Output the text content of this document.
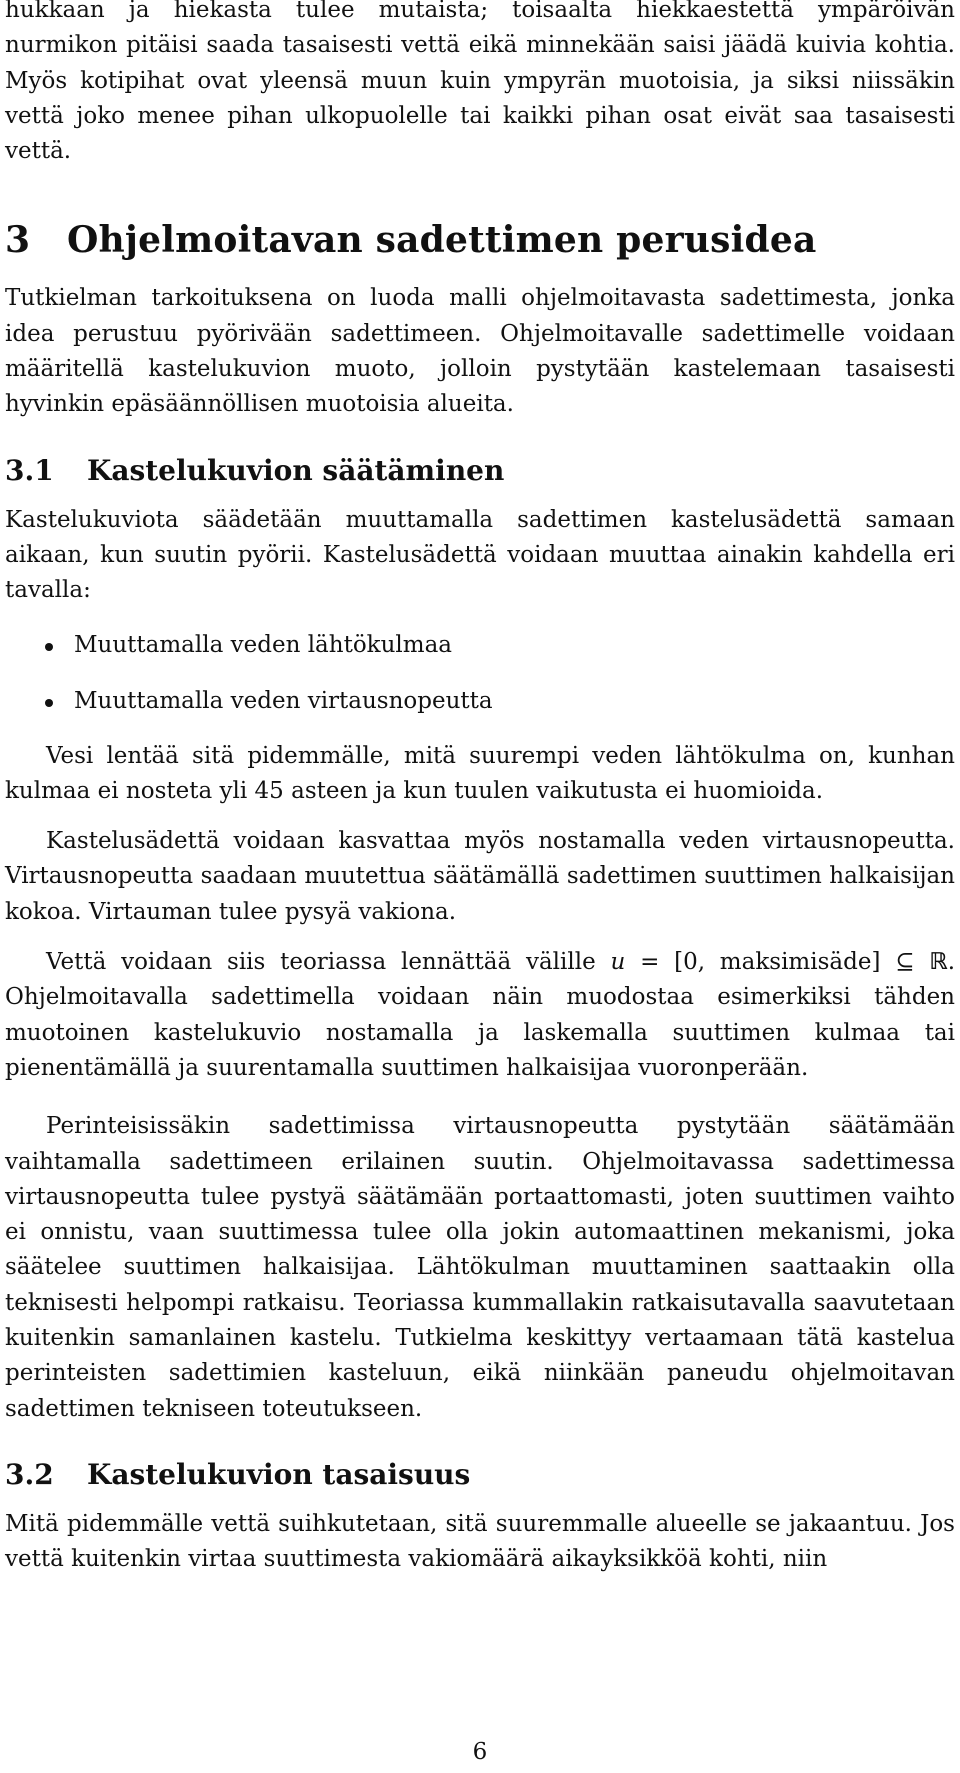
hukkaan ja hiekasta tulee mutaista; toisaalta hiekkaestettä ympäröivän nurmikon pitäisi saada tasaisesti vettä eikä minnekään saisi jäädä kuivia kohtia. Myös kotipihat ovat yleensä muun kuin ympyrän muotoisia, ja siksi niissäkin vettä joko menee pihan ulkopuolelle tai kaikki pihan osat eivät saa tasaisesti vettä.

3 Ohjelmoitavan sadettimen perusidea

Tutkielman tarkoituksena on luoda malli ohjelmoitavasta sadettimesta, jonka idea perustuu pyörivään sadettimeen. Ohjelmoitavalle sadettimelle voidaan määritellä kastelukuvion muoto, jolloin pystytään kastelemaan tasaisesti hyvinkin epäsäännöllisen muotoisia alueita.

3.1 Kastelukuvion säätäminen

Kastelukuviota säädetään muuttamalla sadettimen kastelusädettä samaan aikaan, kun suutin pyörii. Kastelusädettä voidaan muuttaa ainakin kahdella eri tavalla:

Muuttamalla veden lähtökulmaa
Muuttamalla veden virtausnopeutta

Vesi lentää sitä pidemmälle, mitä suurempi veden lähtökulma on, kunhan kulmaa ei nosteta yli 45 asteen ja kun tuulen vaikutusta ei huomioida.

Kastelusädettä voidaan kasvattaa myös nostamalla veden virtausnopeutta. Virtausnopeutta saadaan muutettua säätämällä sadettimen suuttimen halkaisijan kokoa. Virtauman tulee pysyä vakiona.

Vettä voidaan siis teoriassa lennättää välille u = [0, maksimisäde] ⊆ ℝ. Ohjelmoitavalla sadettimella voidaan näin muodostaa esimerkiksi tähden muotoinen kastelukuvio nostamalla ja laskemalla suuttimen kulmaa tai pienentämällä ja suurentamalla suuttimen halkaisijaa vuoronperään.

Perinteisissäkin sadettimissa virtausnopeutta pystytään säätämään vaihtamalla sadettimeen erilainen suutin. Ohjelmoitavassa sadettimessa virtausnopeutta tulee pystyä säätämään portaattomasti, joten suuttimen vaihto ei onnistu, vaan suuttimessa tulee olla jokin automaattinen mekanismi, joka säätelee suuttimen halkaisijaa. Lähtökulman muuttaminen saattaakin olla teknisesti helpompi ratkaisu. Teoriassa kummallakin ratkaisutavalla saavutetaan kuitenkin samanlainen kastelu. Tutkielma keskittyy vertaamaan tätä kastelua perinteisten sadettimien kasteluun, eikä niinkään paneudu ohjelmoitavan sadettimen tekniseen toteutukseen.

3.2 Kastelukuvion tasaisuus

Mitä pidemmälle vettä suihkutetaan, sitä suuremmalle alueelle se jakaantuu. Jos vettä kuitenkin virtaa suuttimesta vakiomäärä aikayksikköä kohti, niin

6
